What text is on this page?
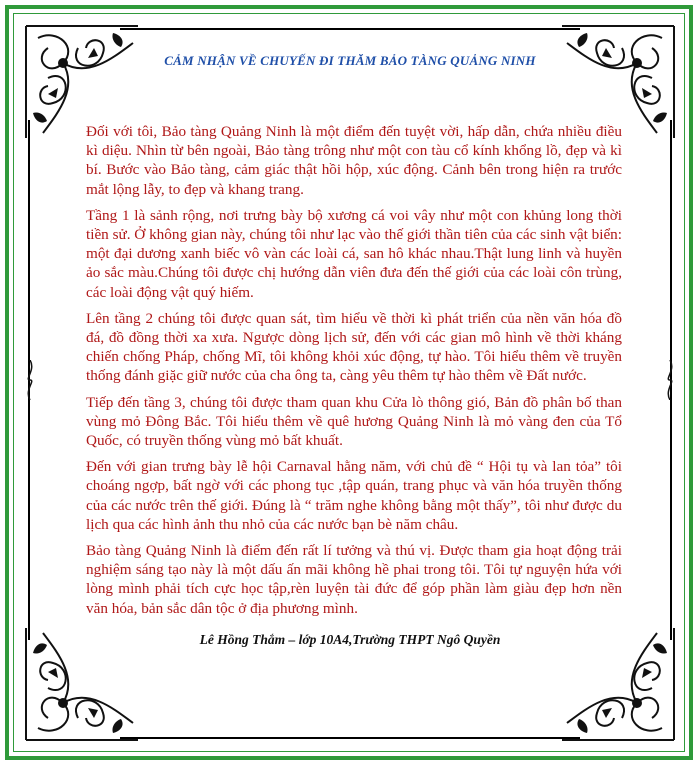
CẢM NHẬN VỀ CHUYẾN ĐI THĂM BẢO TÀNG QUẢNG NINH

Đối với tôi, Bảo tàng Quảng Ninh là một điểm đến tuyệt vời, hấp dẫn, chứa nhiều điều kì diệu. Nhìn từ bên ngoài, Bảo tàng trông như một con tàu cổ kính khổng lồ, đẹp và kì bí. Bước vào Bảo tàng, cảm giác thật hồi hộp, xúc động. Cảnh bên trong hiện ra trước mắt lộng lẫy, to đẹp và khang trang.

Tầng 1 là sảnh rộng, nơi trưng bày bộ xương cá voi vây như một con khủng long thời tiền sử. Ở không gian này, chúng tôi như lạc vào thế giới thần tiên của các sinh vật biển: một đại dương xanh biếc vô vàn các loài cá, san hô khác nhau.Thật lung linh và huyền ảo sắc màu.Chúng tôi được chị hướng dẫn viên đưa đến thế giới của các loài côn trùng, các loài động vật quý hiếm.

Lên tầng 2 chúng tôi được quan sát, tìm hiểu về thời kì phát triển của nền văn hóa đồ đá, đồ đồng thời xa xưa. Ngược dòng lịch sử, đến với các gian mô hình về thời kháng chiến chống Pháp, chống Mĩ, tôi không khỏi xúc động, tự hào. Tôi hiểu thêm về truyền thống đánh giặc giữ nước của cha ông ta, càng yêu thêm tự hào thêm về Đất nước.

Tiếp đến tầng 3, chúng tôi được tham quan khu Cửa lò thông gió, Bản đồ phân bố than vùng mỏ Đông Bắc. Tôi hiểu thêm về quê hương Quảng Ninh là mỏ vàng đen của Tổ Quốc, có truyền thống vùng mỏ bất khuất.

Đến với gian trưng bày lễ hội Carnaval hằng năm, với chủ đề “ Hội tụ và lan tỏa” tôi choáng ngợp, bất ngờ với các phong tục ,tập quán, trang phục và văn hóa truyền thống của các nước trên thế giới. Đúng là “ trăm nghe không bằng một thấy”, tôi như được du lịch qua các hình ảnh thu nhỏ của các nước bạn bè năm châu.

Bảo tàng Quảng Ninh là điểm đến rất lí tưởng và thú vị. Được tham gia hoạt động trải nghiệm sáng tạo này là một dấu ấn mãi không hề phai trong tôi. Tôi tự nguyện hứa với lòng mình phải tích cực học tập,rèn luyện tài đức để góp phần làm giàu đẹp hơn nền văn hóa, bản sắc dân tộc ở địa phương mình.

Lê Hồng Thắm – lớp 10A4,Trường THPT Ngô Quyền
